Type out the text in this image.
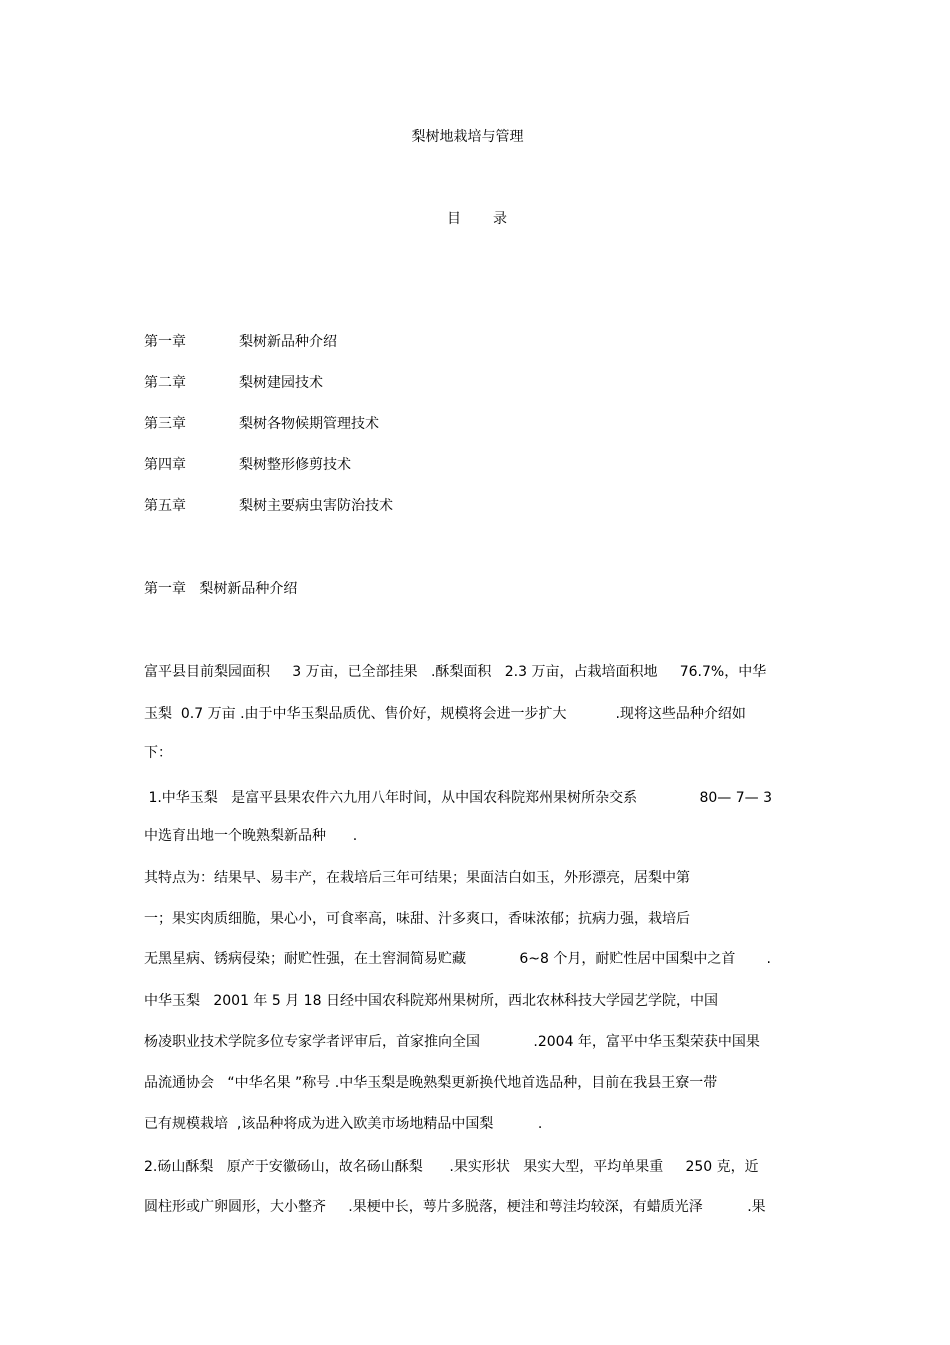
梨树地栽培与管理
目 录
第一章	梨树新品种介绍
第二章	梨树建园技术
第三章	梨树各物候期管理技术
第四章	梨树整形修剪技术
第五章	梨树主要病虫害防治技术
第一章   梨树新品种介绍
富平县目前梨园面积     3 万亩，已全部挂果   .酥梨面积   2.3 万亩，占栽培面积地     76.7%，中华
玉梨  0.7 万亩 .由于中华玉梨品质优、售价好，规模将会进一步扩大           .现将这些品种介绍如
下：
1.中华玉梨   是富平县果农件六九用八年时间，从中国农科院郑州果树所杂交系              80— 7— 3
中选育出地一个晚熟梨新品种      .
其特点为：结果早、易丰产，在栽培后三年可结果；果面洁白如玉，外形漂亮，居梨中第
一；果实肉质细脆，果心小，可食率高，味甜、汁多爽口，香味浓郁；抗病力强，栽培后
无黑星病、锈病侵染；耐贮性强，在土窖洞简易贮藏            6~8 个月，耐贮性居中国梨中之首       .
中华玉梨   2001 年 5 月 18 日经中国农科院郑州果树所，西北农林科技大学园艺学院，中国
杨凌职业技术学院多位专家学者评审后，首家推向全国            .2004 年，富平中华玉梨荣获中国果
品流通协会   “中华名果 ”称号 .中华玉梨是晚熟梨更新换代地首选品种，目前在我县王寮一带
已有规模栽培  ,该品种将成为进入欧美市场地精品中国梨          .
2.砀山酥梨   原产于安徽砀山，故名砀山酥梨      .果实形状   果实大型，平均单果重     250 克，近
圆柱形或广卵圆形，大小整齐     .果梗中长，萼片多脱落，梗洼和萼洼均较深，有蜡质光泽          .果
